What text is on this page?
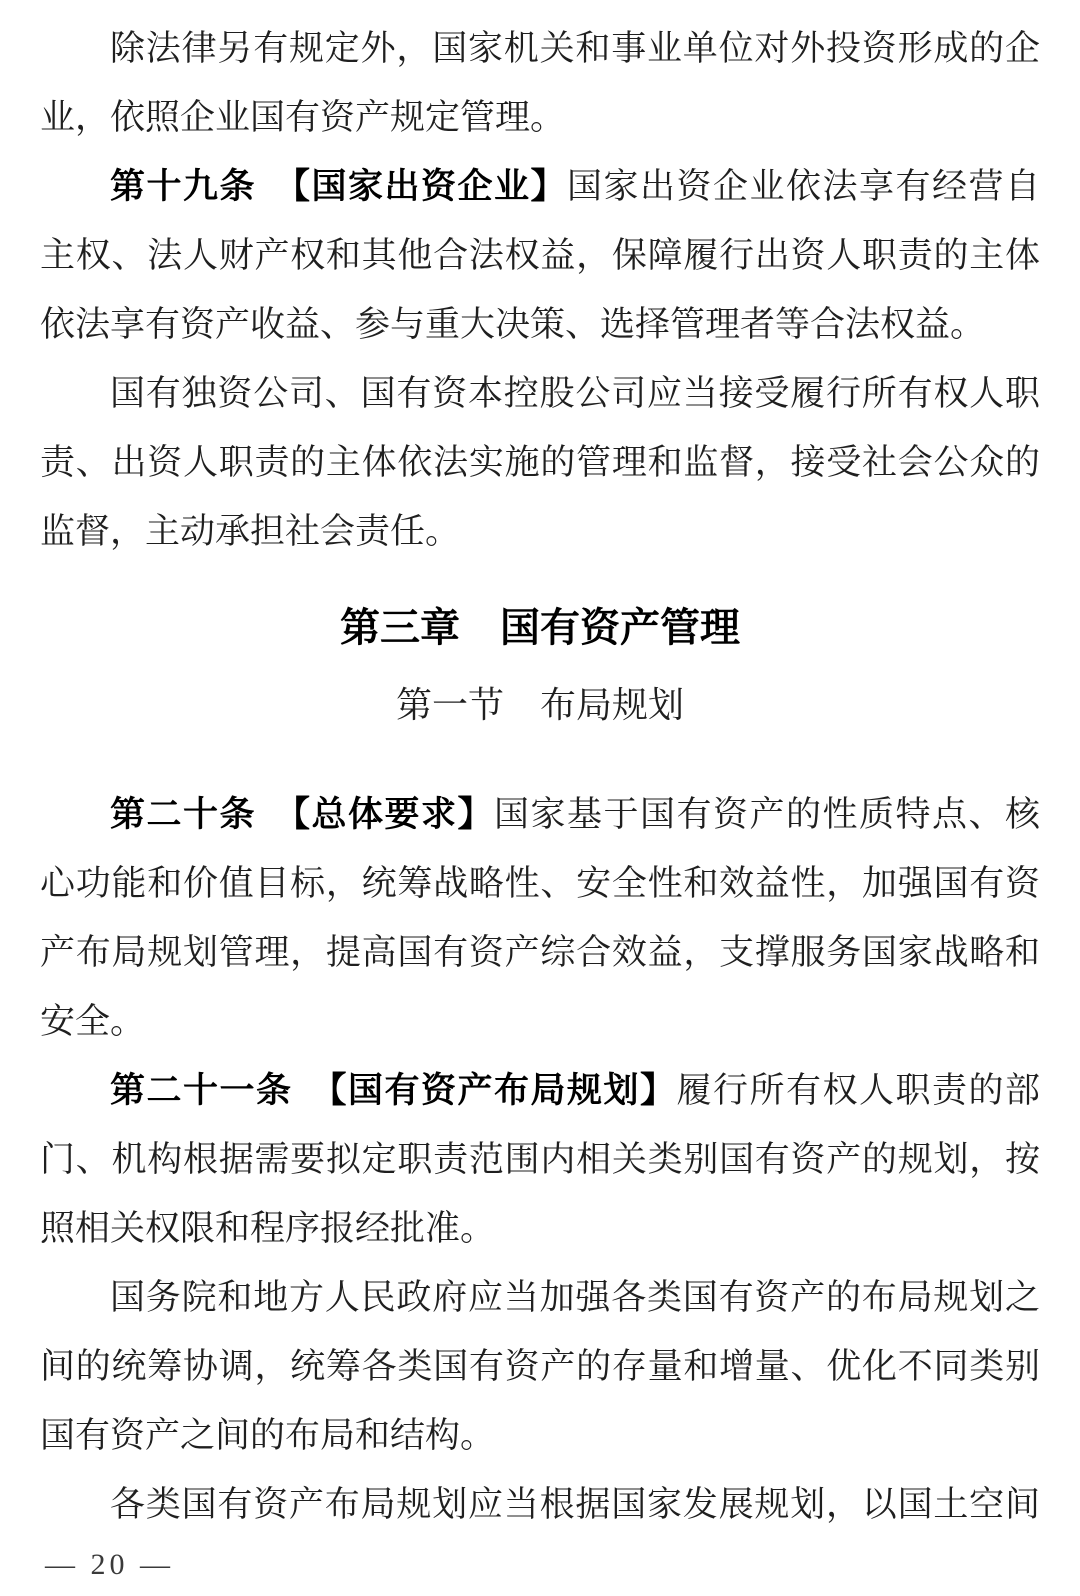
除法律另有规定外，国家机关和事业单位对外投资形成的企
业，依照企业国有资产规定管理。
第十九条　【国家出资企业】国家出资企业依法享有经营自
主权、法人财产权和其他合法权益，保障履行出资人职责的主体
依法享有资产收益、参与重大决策、选择管理者等合法权益。
国有独资公司、国有资本控股公司应当接受履行所有权人职
责、出资人职责的主体依法实施的管理和监督，接受社会公众的
监督，主动承担社会责任。
第三章　国有资产管理
第一节　布局规划
第二十条　【总体要求】国家基于国有资产的性质特点、核
心功能和价值目标，统筹战略性、安全性和效益性，加强国有资
产布局规划管理，提高国有资产综合效益，支撑服务国家战略和
安全。
第二十一条　【国有资产布局规划】履行所有权人职责的部
门、机构根据需要拟定职责范围内相关类别国有资产的规划，按
照相关权限和程序报经批准。
国务院和地方人民政府应当加强各类国有资产的布局规划之
间的统筹协调，统筹各类国有资产的存量和增量、优化不同类别
国有资产之间的布局和结构。
各类国有资产布局规划应当根据国家发展规划，以国土空间
— 20 —
